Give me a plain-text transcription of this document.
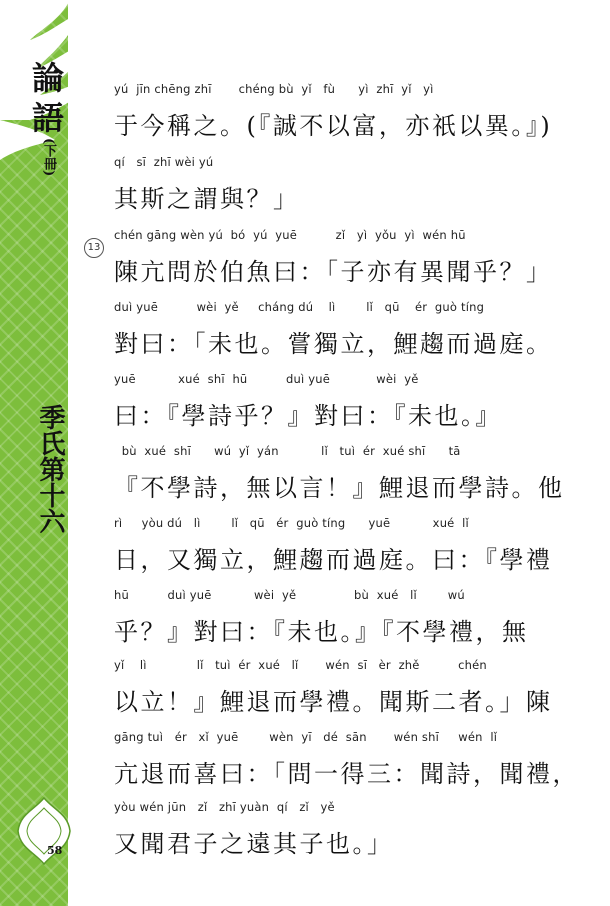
論語
(下冊)
季氏第十六
58
13
yú  jīn chēng zhī       chéng bù  yǐ   fù      yì  zhī  yǐ   yì
于今稱之。(『誠不以富，亦祇以異。』)
qí   sī  zhī wèi yú
其斯之謂與？」
chén gāng wèn yú  bó  yú  yuē          zǐ   yì  yǒu  yì  wén hū
陳亢問於伯魚曰：「子亦有異聞乎？」
duì yuē          wèi  yě     cháng dú    lì        lǐ   qū    ér  guò tíng
對曰：「未也。嘗獨立，鯉趨而過庭。
yuē           xué  shī  hū          duì yuē            wèi  yě
曰：『學詩乎？』對曰：『未也。』
bù  xué  shī      wú  yǐ  yán           lǐ   tuì  ér  xué shī      tā
『不學詩，無以言！』鯉退而學詩。他
rì     yòu dú   lì        lǐ   qū   ér  guò tíng      yuē           xué  lǐ
日，又獨立，鯉趨而過庭。曰：『學禮
hū          duì yuē           wèi  yě               bù  xué   lǐ        wú
乎？』對曰：『未也。』『不學禮，無
yǐ    lì             lǐ   tuì  ér  xué   lǐ       wén  sī   èr  zhě          chén
以立！』鯉退而學禮。聞斯二者。」陳
gāng tuì   ér   xǐ  yuē        wèn  yī   dé  sān       wén shī     wén  lǐ
亢退而喜曰：「問一得三：聞詩，聞禮，
yòu wén jūn   zǐ   zhī yuàn  qí   zǐ   yě
又聞君子之遠其子也。」
